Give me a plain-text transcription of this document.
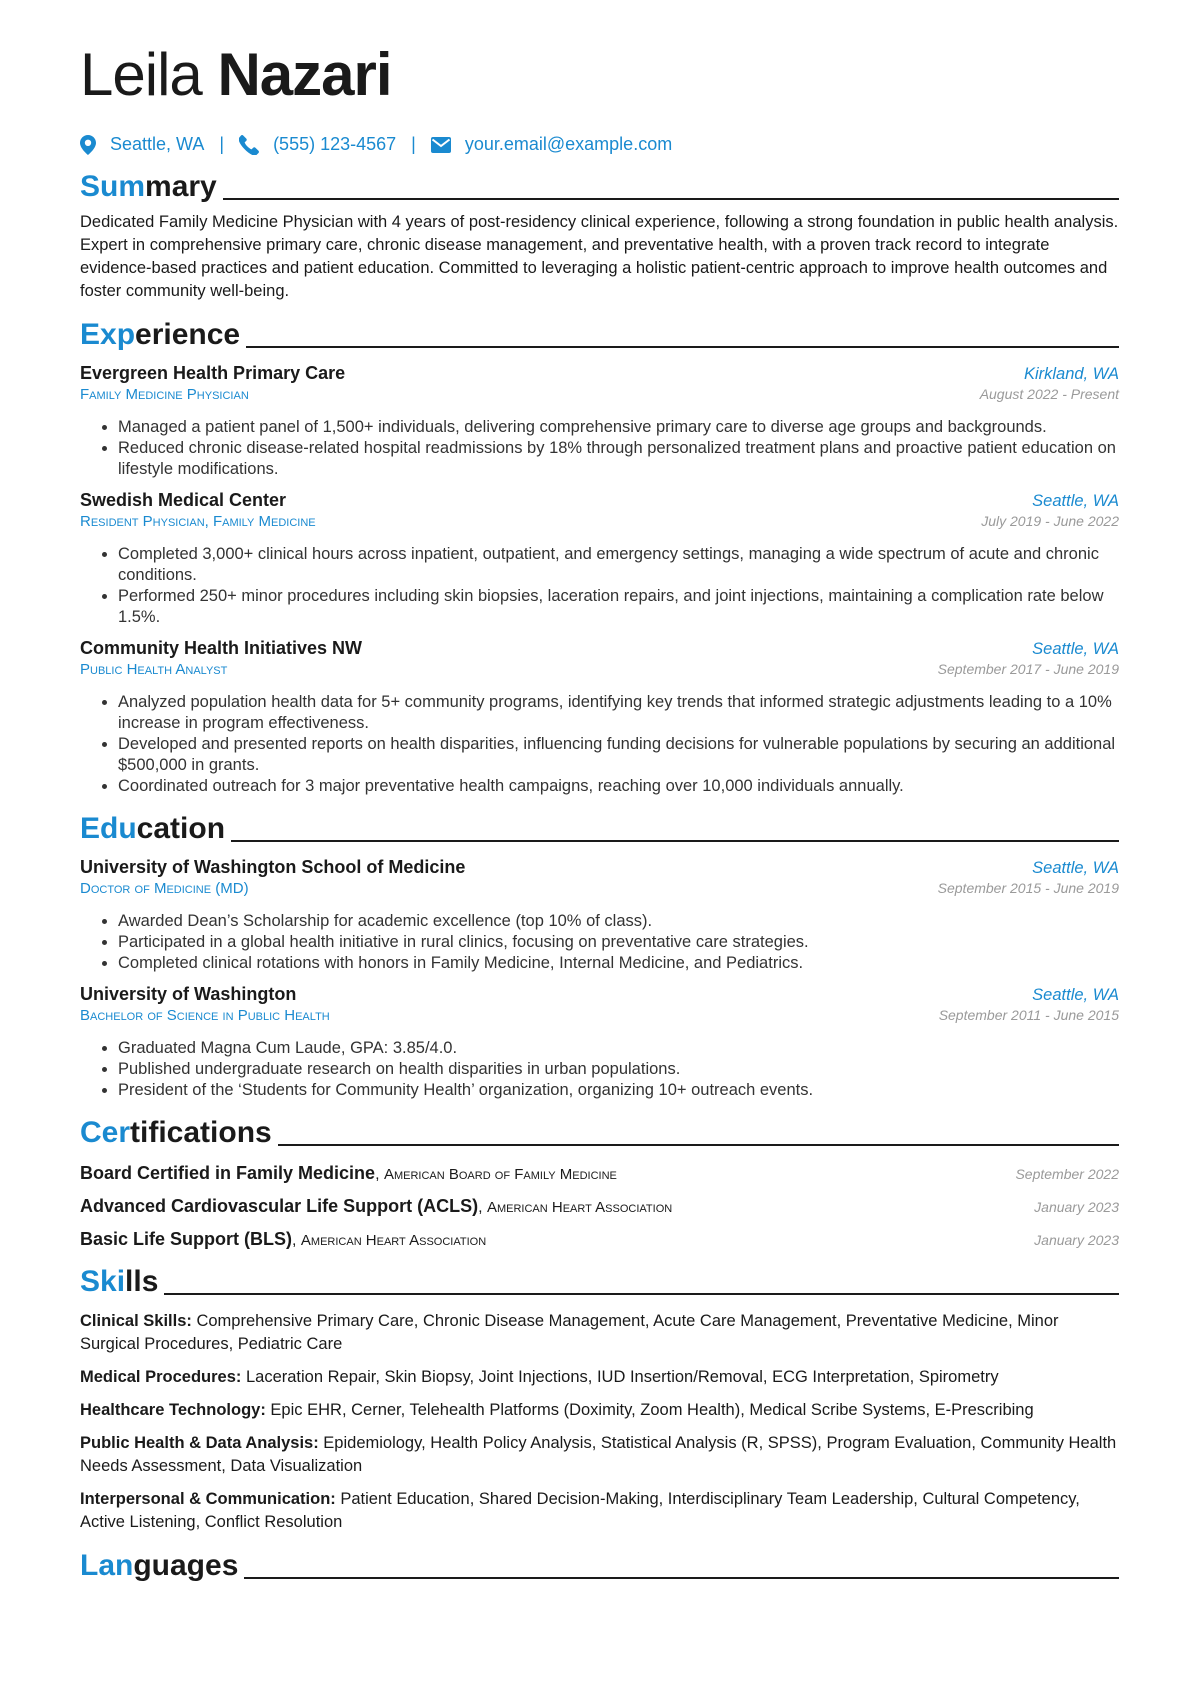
Leila Nazari
Seattle, WA |	(555) 123-4567 |	your.email@example.com
Summary
Dedicated Family Medicine Physician with 4 years of post-residency clinical experience, following a strong foundation in public health analysis. Expert in comprehensive primary care, chronic disease management, and preventative health, with a proven track record to integrate evidence-based practices and patient education. Committed to leveraging a holistic patient-centric approach to improve health outcomes and foster community well-being.
Experience
Evergreen Health Primary Care	Kirkland, WA
Family Medicine Physician	August 2022 - Present
• Managed a patient panel of 1,500+ individuals, delivering comprehensive primary care to diverse age groups and backgrounds.
• Reduced chronic disease-related hospital readmissions by 18% through personalized treatment plans and proactive patient education on lifestyle modifications.
Swedish Medical Center	Seattle, WA
Resident Physician, Family Medicine	July 2019 - June 2022
• Completed 3,000+ clinical hours across inpatient, outpatient, and emergency settings, managing a wide spectrum of acute and chronic conditions.
• Performed 250+ minor procedures including skin biopsies, laceration repairs, and joint injections, maintaining a complication rate below 1.5%.
Community Health Initiatives NW	Seattle, WA
Public Health Analyst	September 2017 - June 2019
• Analyzed population health data for 5+ community programs, identifying key trends that informed strategic adjustments leading to a 10% increase in program effectiveness.
• Developed and presented reports on health disparities, influencing funding decisions for vulnerable populations by securing an additional $500,000 in grants.
• Coordinated outreach for 3 major preventative health campaigns, reaching over 10,000 individuals annually.
Education
University of Washington School of Medicine	Seattle, WA
Doctor of Medicine (MD)	September 2015 - June 2019
• Awarded Dean’s Scholarship for academic excellence (top 10% of class).
• Participated in a global health initiative in rural clinics, focusing on preventative care strategies.
• Completed clinical rotations with honors in Family Medicine, Internal Medicine, and Pediatrics.
University of Washington	Seattle, WA
Bachelor of Science in Public Health	September 2011 - June 2015
• Graduated Magna Cum Laude, GPA: 3.85/4.0.
• Published undergraduate research on health disparities in urban populations.
• President of the ‘Students for Community Health’ organization, organizing 10+ outreach events.
Certifications
Board Certified in Family Medicine, American Board of Family Medicine	September 2022
Advanced Cardiovascular Life Support (ACLS), American Heart Association	January 2023
Basic Life Support (BLS), American Heart Association	January 2023
Skills
Clinical Skills: Comprehensive Primary Care, Chronic Disease Management, Acute Care Management, Preventative Medicine, Minor Surgical Procedures, Pediatric Care
Medical Procedures: Laceration Repair, Skin Biopsy, Joint Injections, IUD Insertion/Removal, ECG Interpretation, Spirometry
Healthcare Technology: Epic EHR, Cerner, Telehealth Platforms (Doximity, Zoom Health), Medical Scribe Systems, E-Prescribing
Public Health & Data Analysis: Epidemiology, Health Policy Analysis, Statistical Analysis (R, SPSS), Program Evaluation, Community Health Needs Assessment, Data Visualization
Interpersonal & Communication: Patient Education, Shared Decision-Making, Interdisciplinary Team Leadership, Cultural Competency, Active Listening, Conflict Resolution
Languages
